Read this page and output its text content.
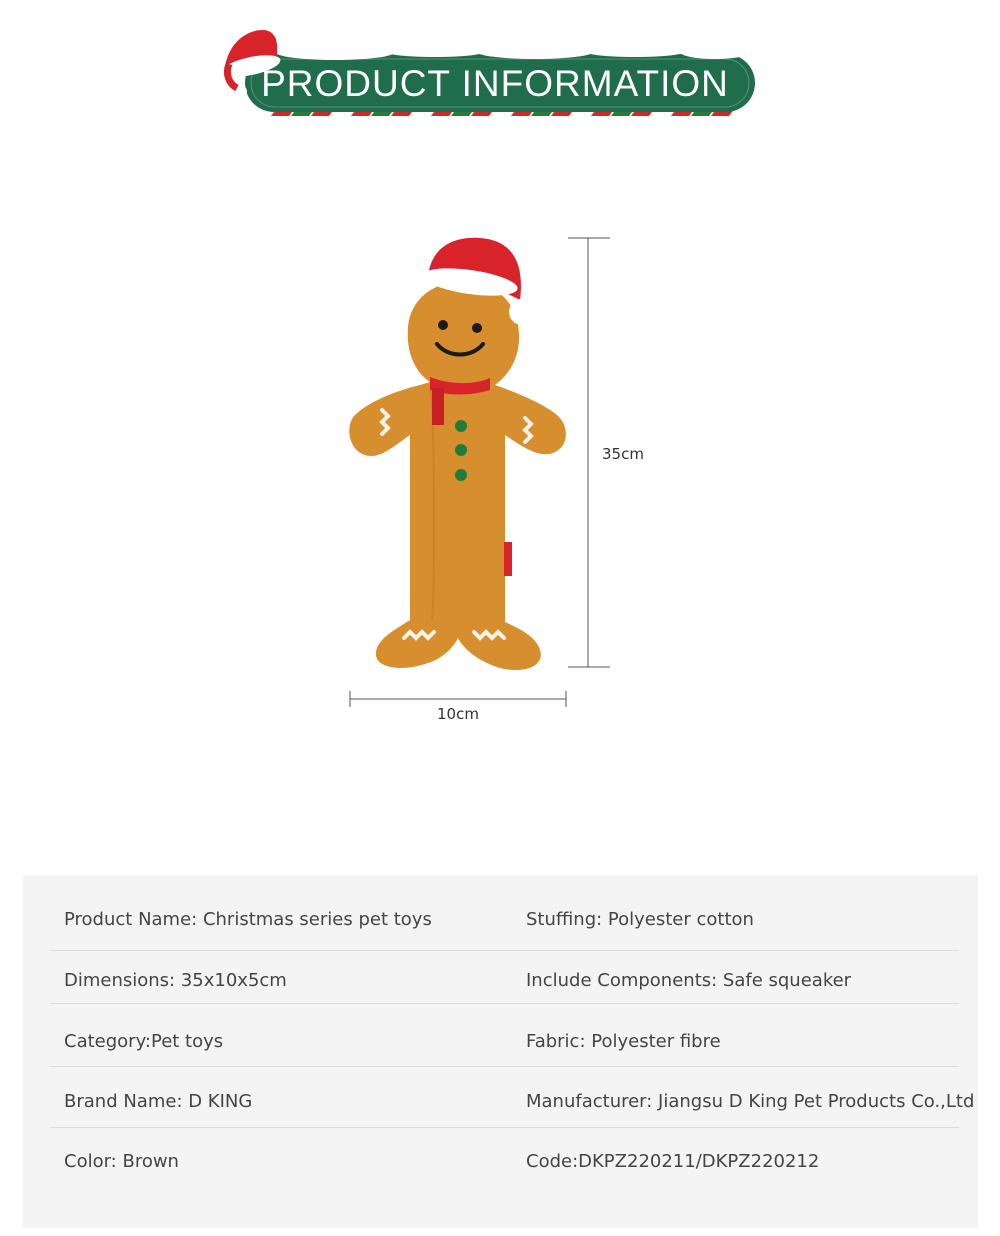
PRODUCT INFORMATION
35cm
10cm
Product Name: Christmas series pet toys	Stuffing: Polyester cotton
Dimensions: 35x10x5cm	Include Components: Safe squeaker
Category:Pet toys	Fabric: Polyester fibre
Brand Name: D KING	Manufacturer: Jiangsu D King Pet Products Co.,Ltd
Color: Brown	Code:DKPZ220211/DKPZ220212
